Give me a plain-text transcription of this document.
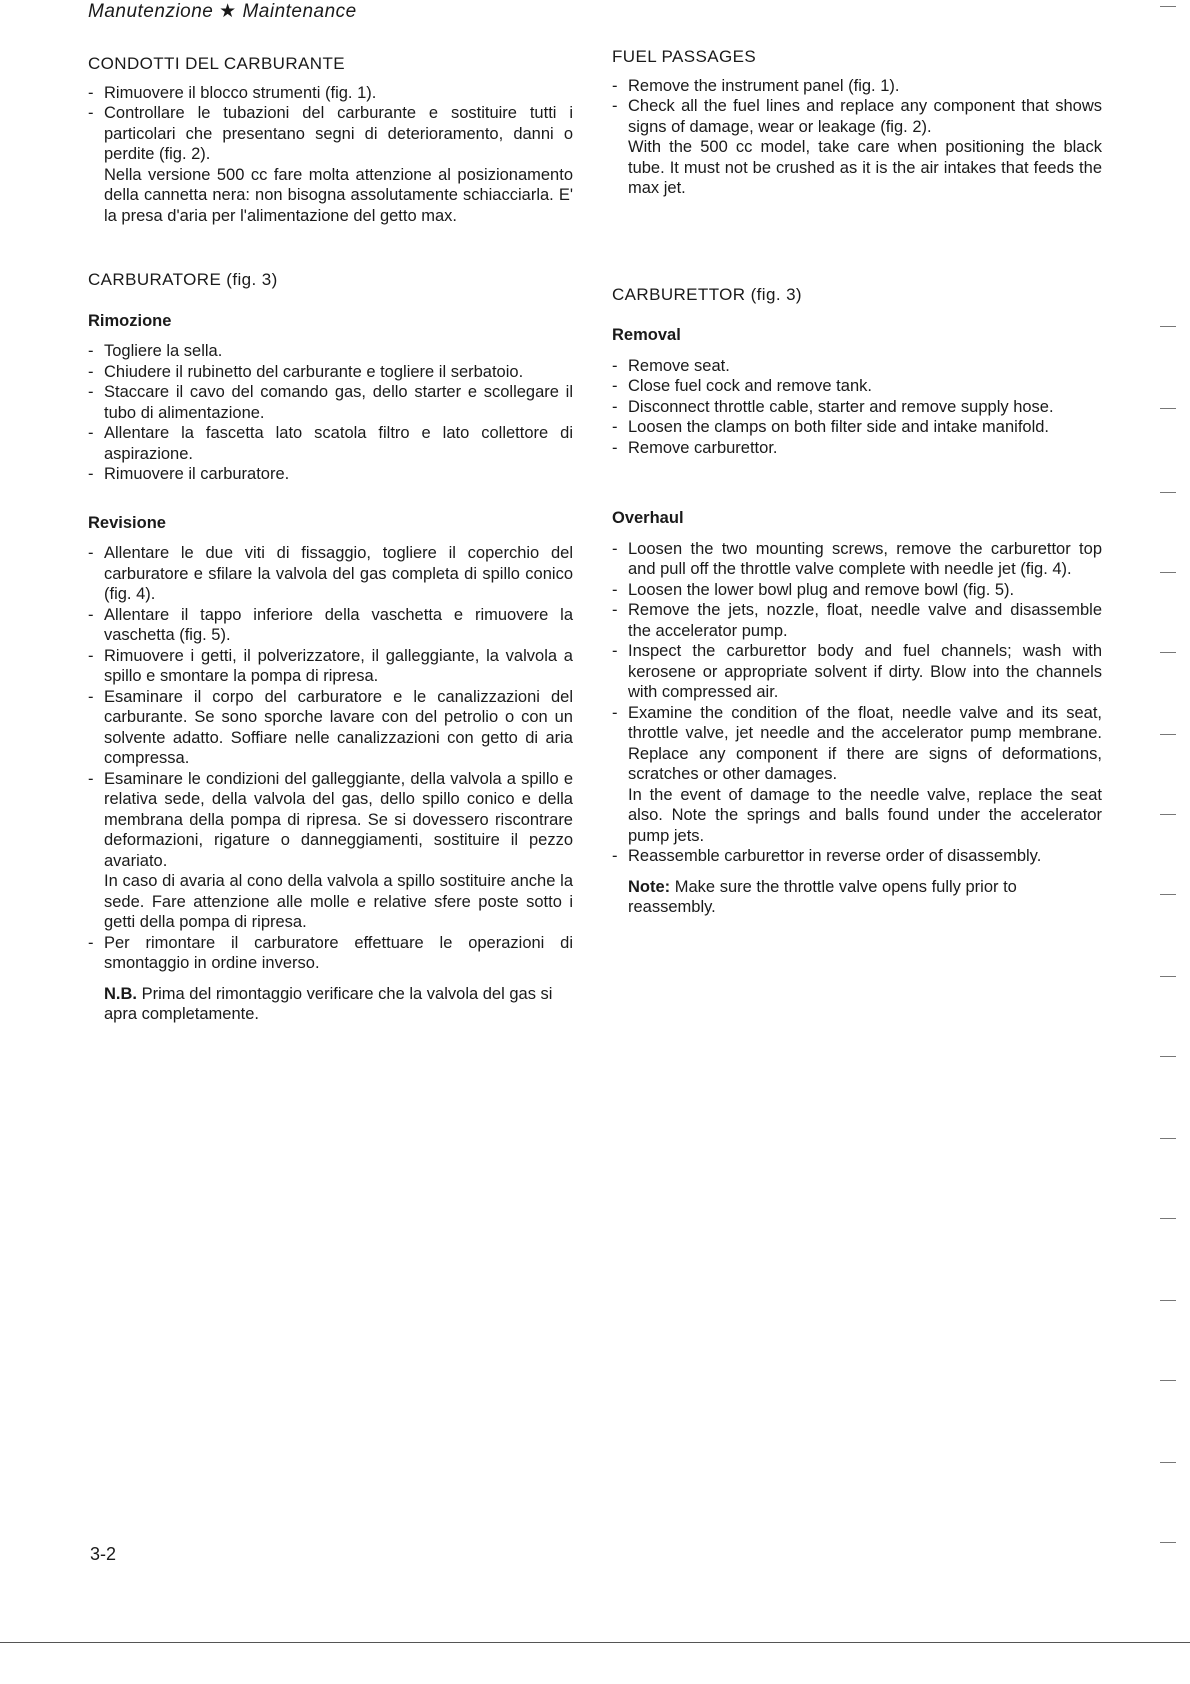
Manutenzione ★ Maintenance
CONDOTTI DEL CARBURANTE
- Rimuovere il blocco strumenti (fig. 1).
- Controllare le tubazioni del carburante e sostituire tutti i particolari che presentano segni di deterioramento, danni o perdite (fig. 2).
Nella versione 500 cc fare molta attenzione al posizionamento della cannetta nera: non bisogna assolutamente schiacciarla. E' la presa d'aria per l'alimentazione del getto max.
CARBURATORE (fig. 3)
Rimozione
- Togliere la sella.
- Chiudere il rubinetto del carburante e togliere il serbatoio.
- Staccare il cavo del comando gas, dello starter e scollegare il tubo di alimentazione.
- Allentare la fascetta lato scatola filtro e lato collettore di aspirazione.
- Rimuovere il carburatore.
Revisione
- Allentare le due viti di fissaggio, togliere il coperchio del carburatore e sfilare la valvola del gas completa di spillo conico (fig. 4).
- Allentare il tappo inferiore della vaschetta e rimuovere la vaschetta (fig. 5).
- Rimuovere i getti, il polverizzatore, il galleggiante, la valvola a spillo e smontare la pompa di ripresa.
- Esaminare il corpo del carburatore e le canalizzazioni del carburante. Se sono sporche lavare con del petrolio o con un solvente adatto. Soffiare nelle canalizzazioni con getto di aria compressa.
- Esaminare le condizioni del galleggiante, della valvola a spillo e relativa sede, della valvola del gas, dello spillo conico e della membrana della pompa di ripresa. Se si dovessero riscontrare deformazioni, rigature o danneggiamenti, sostituire il pezzo avariato.
In caso di avaria al cono della valvola a spillo sostituire anche la sede. Fare attenzione alle molle e relative sfere poste sotto i getti della pompa di ripresa.
- Per rimontare il carburatore effettuare le operazioni di smontaggio in ordine inverso.
N.B. Prima del rimontaggio verificare che la valvola del gas si apra completamente.
FUEL PASSAGES
- Remove the instrument panel (fig. 1).
- Check all the fuel lines and replace any component that shows signs of damage, wear or leakage (fig. 2).
With the 500 cc model, take care when positioning the black tube. It must not be crushed as it is the air intakes that feeds the max jet.
CARBURETTOR (fig. 3)
Removal
- Remove seat.
- Close fuel cock and remove tank.
- Disconnect throttle cable, starter and remove supply hose.
- Loosen the clamps on both filter side and intake manifold.
- Remove carburettor.
Overhaul
- Loosen the two mounting screws, remove the carburettor top and pull off the throttle valve complete with needle jet (fig. 4).
- Loosen the lower bowl plug and remove bowl (fig. 5).
- Remove the jets, nozzle, float, needle valve and disassemble the accelerator pump.
- Inspect the carburettor body and fuel channels; wash with kerosene or appropriate solvent if dirty. Blow into the channels with compressed air.
- Examine the condition of the float, needle valve and its seat, throttle valve, jet needle and the accelerator pump membrane. Replace any component if there are signs of deformations, scratches or other damages.
In the event of damage to the needle valve, replace the seat also. Note the springs and balls found under the accelerator pump jets.
- Reassemble carburettor in reverse order of disassembly.
Note: Make sure the throttle valve opens fully prior to reassembly.
3-2
